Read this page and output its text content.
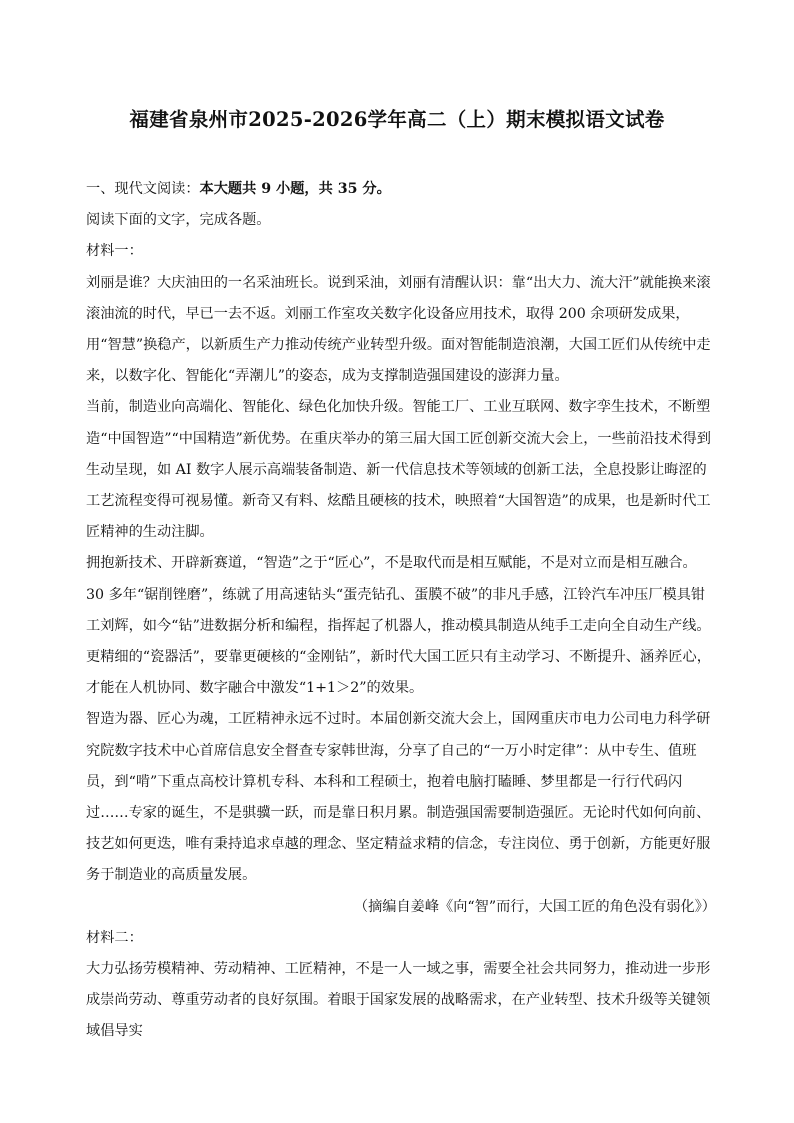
福建省泉州市2025-2026学年高二（上）期末模拟语文试卷

一、现代文阅读：本大题共 9 小题，共 35 分。

阅读下面的文字，完成各题。

材料一：

刘丽是谁？大庆油田的一名采油班长。说到采油，刘丽有清醒认识：靠“出大力、流大汗”就能换来滚滚油流的时代，早已一去不返。刘丽工作室攻关数字化设备应用技术，取得 200 余项研发成果，用“智慧”换稳产，以新质生产力推动传统产业转型升级。面对智能制造浪潮，大国工匠们从传统中走来，以数字化、智能化“弄潮儿”的姿态，成为支撑制造强国建设的澎湃力量。

当前，制造业向高端化、智能化、绿色化加快升级。智能工厂、工业互联网、数字孪生技术，不断塑造“中国智造”“中国精造”新优势。在重庆举办的第三届大国工匠创新交流大会上，一些前沿技术得到生动呈现，如 AI 数字人展示高端装备制造、新一代信息技术等领域的创新工法，全息投影让晦涩的工艺流程变得可视易懂。新奇又有料、炫酷且硬核的技术，映照着“大国智造”的成果，也是新时代工匠精神的生动注脚。

拥抱新技术、开辟新赛道，“智造”之于“匠心”，不是取代而是相互赋能，不是对立而是相互融合。 30 多年“锯削锉磨”，练就了用高速钻头“蛋壳钻孔、蛋膜不破”的非凡手感，江铃汽车冲压厂模具钳工刘辉，如今“钻”进数据分析和编程，指挥起了机器人，推动模具制造从纯手工走向全自动生产线。更精细的“瓷器活”，要靠更硬核的“金刚钻”，新时代大国工匠只有主动学习、不断提升、涵养匠心，才能在人机协同、数字融合中激发“1+1＞2”的效果。

智造为器、匠心为魂，工匠精神永远不过时。本届创新交流大会上，国网重庆市电力公司电力科学研究院数字技术中心首席信息安全督查专家韩世海，分享了自己的“一万小时定律”：从中专生、值班员，到“啃”下重点高校计算机专科、本科和工程硕士，抱着电脑打瞌睡、梦里都是一行行代码闪过……专家的诞生，不是骐骥一跃，而是靠日积月累。制造强国需要制造强匠。无论时代如何向前、技艺如何更迭，唯有秉持追求卓越的理念、坚定精益求精的信念，专注岗位、勇于创新，方能更好服务于制造业的高质量发展。

（摘编自姜峰《向“智”而行，大国工匠的角色没有弱化》）

材料二：

大力弘扬劳模精神、劳动精神、工匠精神，不是一人一域之事，需要全社会共同努力，推动进一步形成崇尚劳动、尊重劳动者的良好氛围。着眼于国家发展的战略需求，在产业转型、技术升级等关键领域倡导实
